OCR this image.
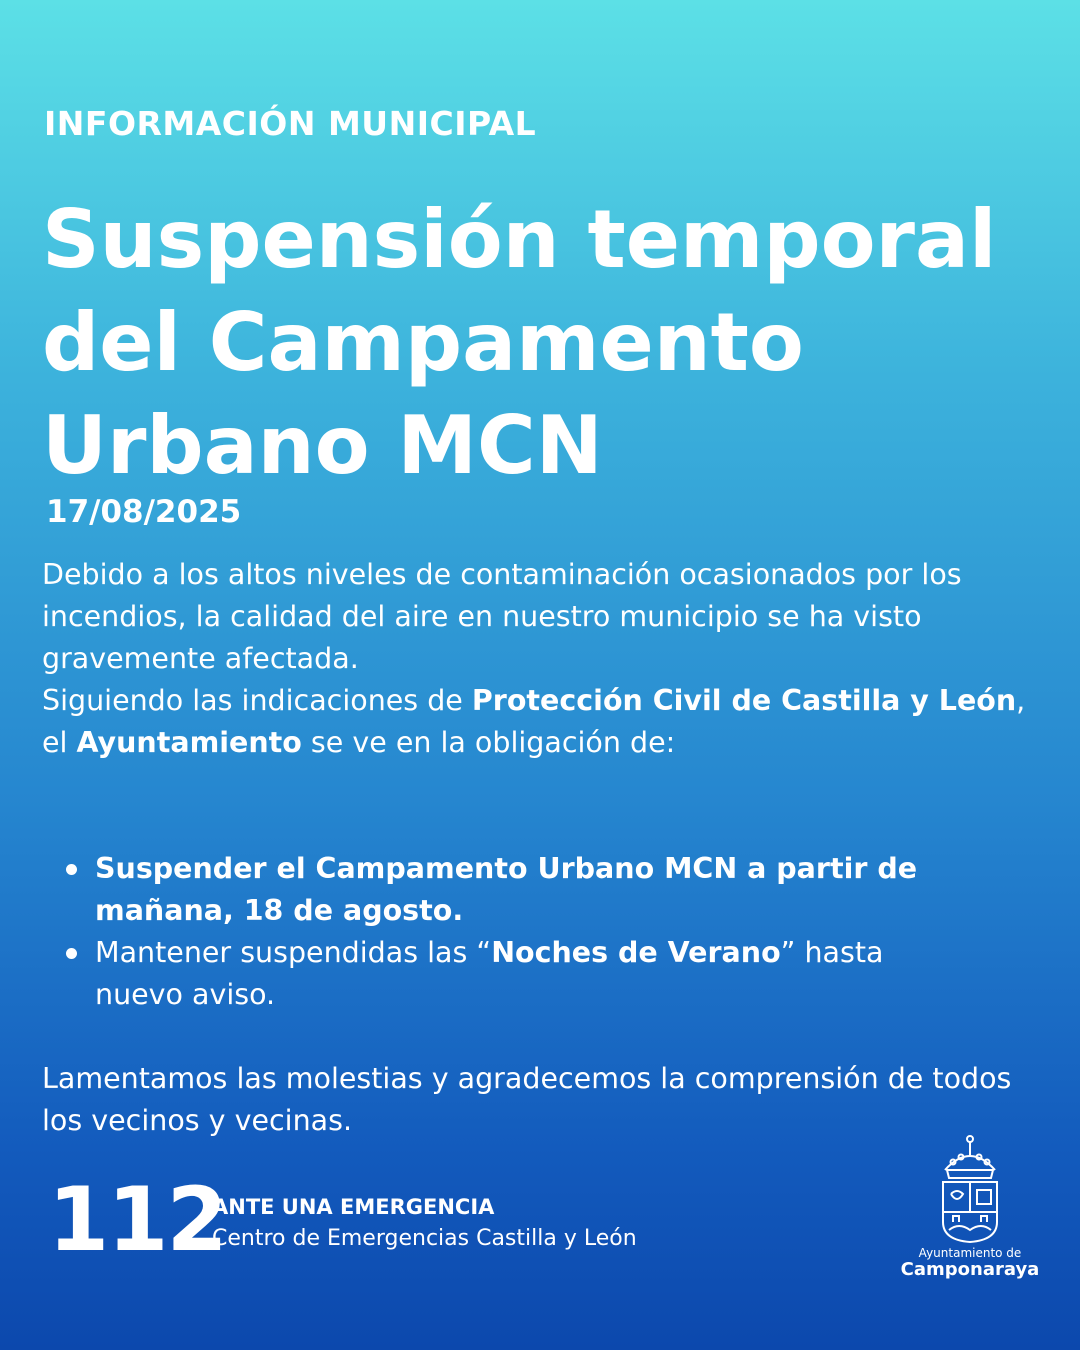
INFORMACIÓN MUNICIPAL
Suspensión temporal
del Campamento
Urbano MCN
17/08/2025
Debido a los altos niveles de contaminación ocasionados por los incendios, la calidad del aire en nuestro municipio se ha visto gravemente afectada.
Siguiendo las indicaciones de Protección Civil de Castilla y León, el Ayuntamiento se ve en la obligación de:
Suspender el Campamento Urbano MCN a partir de mañana, 18 de agosto.
Mantener suspendidas las “Noches de Verano” hasta nuevo aviso.
Lamentamos las molestias y agradecemos la comprensión de todos los vecinos y vecinas.
112
ANTE UNA EMERGENCIA
Centro de Emergencias Castilla y León
Ayuntamiento de
Camponaraya
